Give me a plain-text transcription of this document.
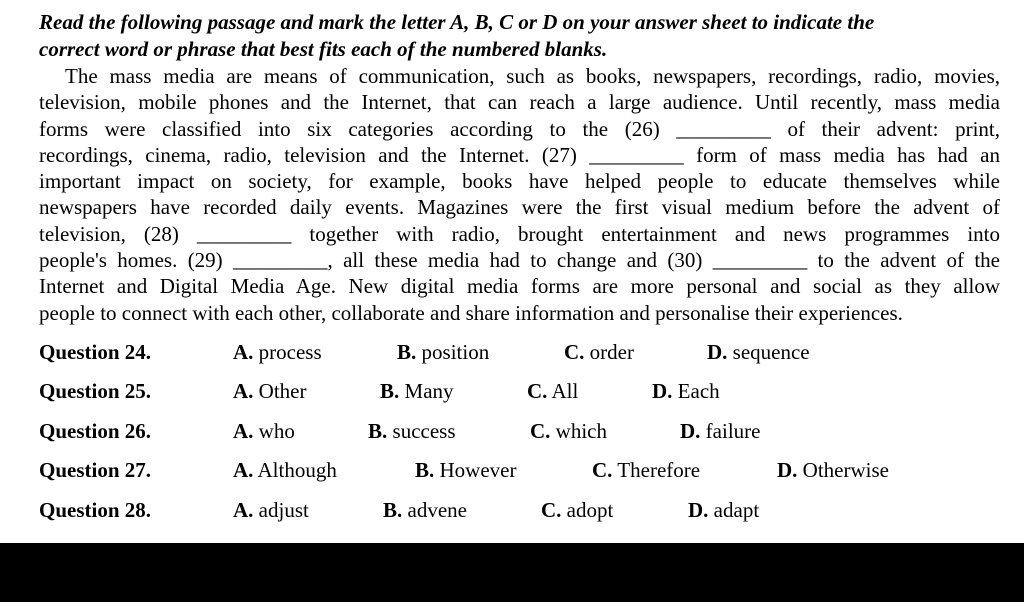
Read the following passage and mark the letter A, B, C or D on your answer sheet to indicate the
correct word or phrase that best fits each of the numbered blanks.
The mass media are means of communication, such as books, newspapers, recordings, radio, movies,
television, mobile phones and the Internet, that can reach a large audience. Until recently, mass media
forms were classified into six categories according to the (26) _________ of their advent: print,
recordings, cinema, radio, television and the Internet. (27) _________ form of mass media has had an
important impact on society, for example, books have helped people to educate themselves while
newspapers have recorded daily events. Magazines were the first visual medium before the advent of
television, (28) _________ together with radio, brought entertainment and news programmes into
people's homes. (29) _________, all these media had to change and (30) _________ to the advent of the
Internet and Digital Media Age. New digital media forms are more personal and social as they allow
people to connect with each other, collaborate and share information and personalise their experiences.
Question 24.	A. process	B. position	C. order	D. sequence
Question 25.	A. Other	B. Many	C. All	D. Each
Question 26.	A. who	B. success	C. which	D. failure
Question 27.	A. Although	B. However	C. Therefore	D. Otherwise
Question 28.	A. adjust	B. advene	C. adopt	D. adapt
